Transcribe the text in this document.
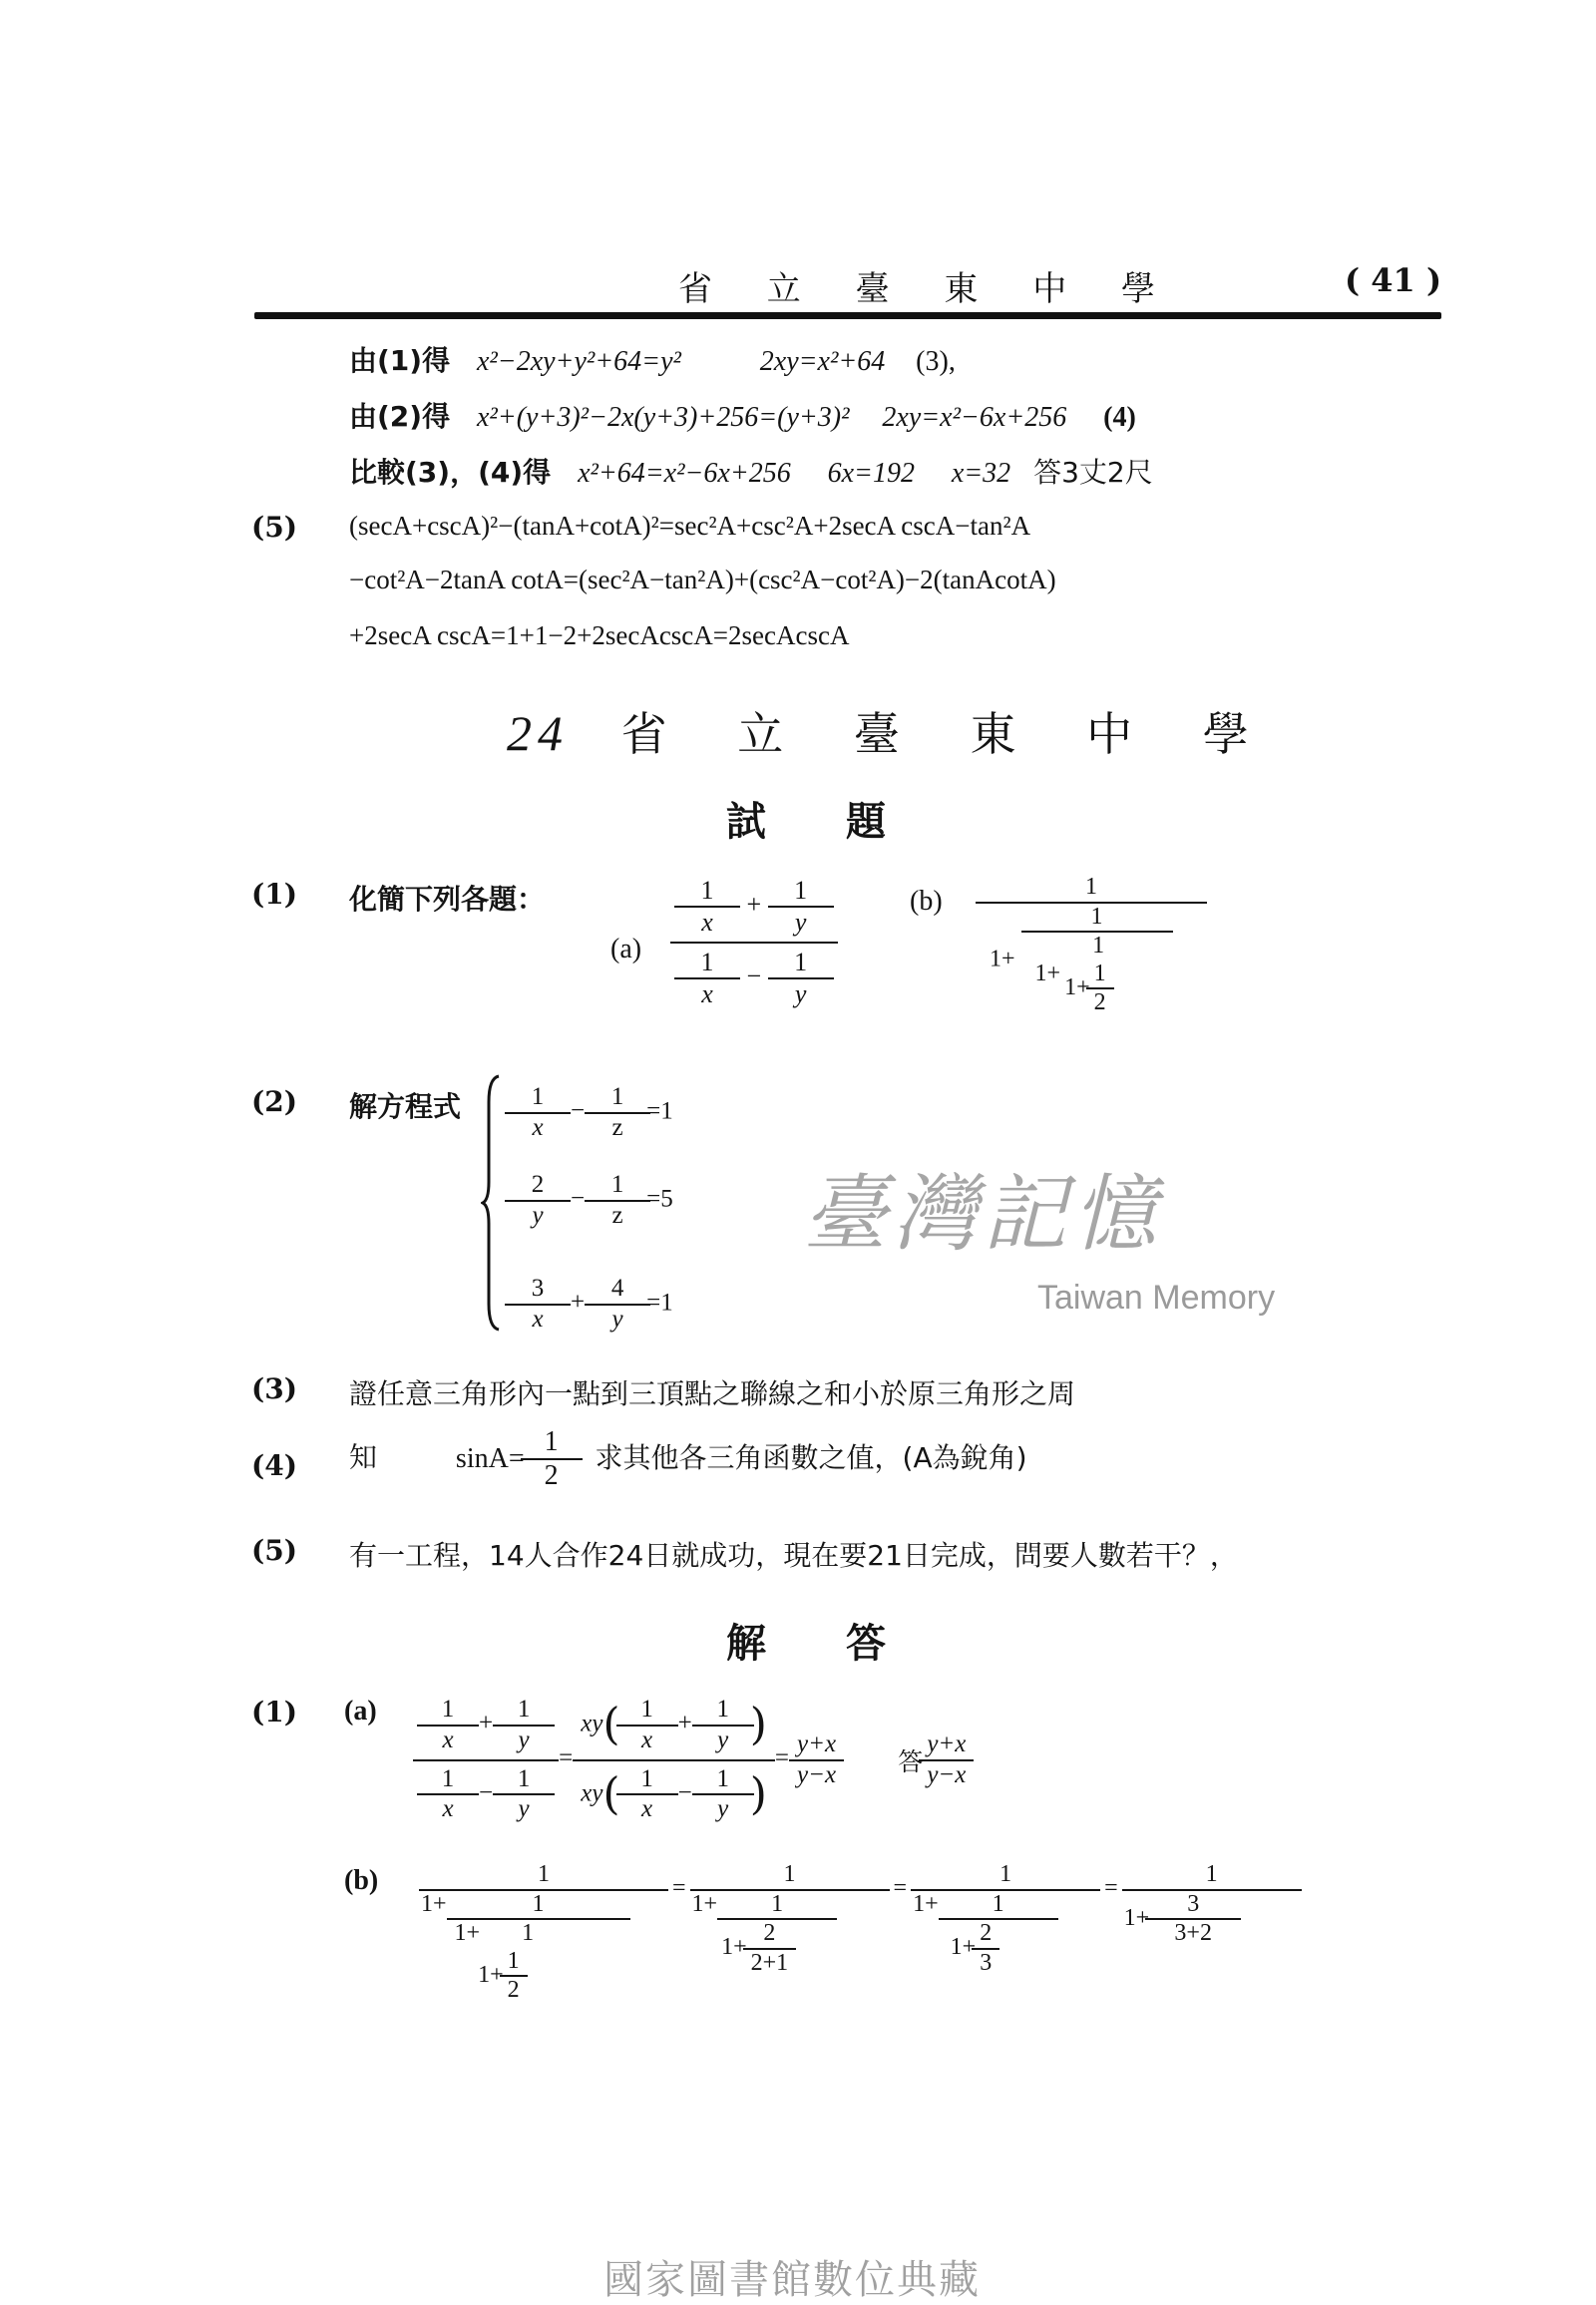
省 立 臺 東 中 學	( 41 )
由(1)得 x²−2xy+y²+64=y²	2xy=x²+64 (3),
由(2)得 x²+(y+3)²−2x(y+3)+256=(y+3)² 2xy=x²−6x+256 (4)
比較(3)，(4)得 x²+64=x²−6x+256 6x=192 x=32 答3丈2尺
(5) (secA+cscA)²−(tanA+cotA)²=sec²A+csc²A+2secA cscA−tan²A
−cot²A−2tanA cotA=(sec²A−tan²A)+(csc²A−cot²A)−2(tanAcotA)
+2secA cscA=1+1−2+2secAcscA=2secAcscA
24 省 立 臺 東 中 學
試　　題
(1) 化簡下列各題：
$(a) \frac{\frac{1}{x} + \frac{1}{y}}{\frac{1}{x} - \frac{1}{y}}$	(b)	1
1+ 1
1+
1
$1+ \frac{1}{2}$
(2) 解方程式 $\frac{1}{x} - \frac{1}{z} =1$
$\frac{2}{y} - \frac{1}{z} =5$
$\frac{3}{x} + \frac{4}{y} =1$
臺灣記憶
Taiwan Memory
(3) 證任意三角形內一點到三頂點之聯線之和小於原三角形之周
(4) 知	$\sin A= \frac{1}{2}$ 求其他各三角函數之值，(A為銳角)
(5) 有一工程，14人合作24日就成功，現在要21日完成，問要人數若干？，
解　　答
(1) $(a) \frac{\frac{1}{x} + \frac{1}{y}}{\frac{1}{x} - \frac{1}{y}} = \frac{xy( \frac{1}{x} + \frac{1}{y} )}{xy( \frac{1}{x} - \frac{1}{y} )} = \frac{y+x}{y-x}$ 答 $\frac{y+x}{y-x}$
(b)	1
1+ 1
1+ 1
$1+ \frac{1}{2}$
= $\frac{1}{1+ \frac{1}{1+ \frac{2}{2+1}}} = \frac{1}{1+ \frac{1}{1+ \frac{2}{3}}} = \frac{1}{1+ \frac{3}{3+2}}$
國家圖書館數位典藏
